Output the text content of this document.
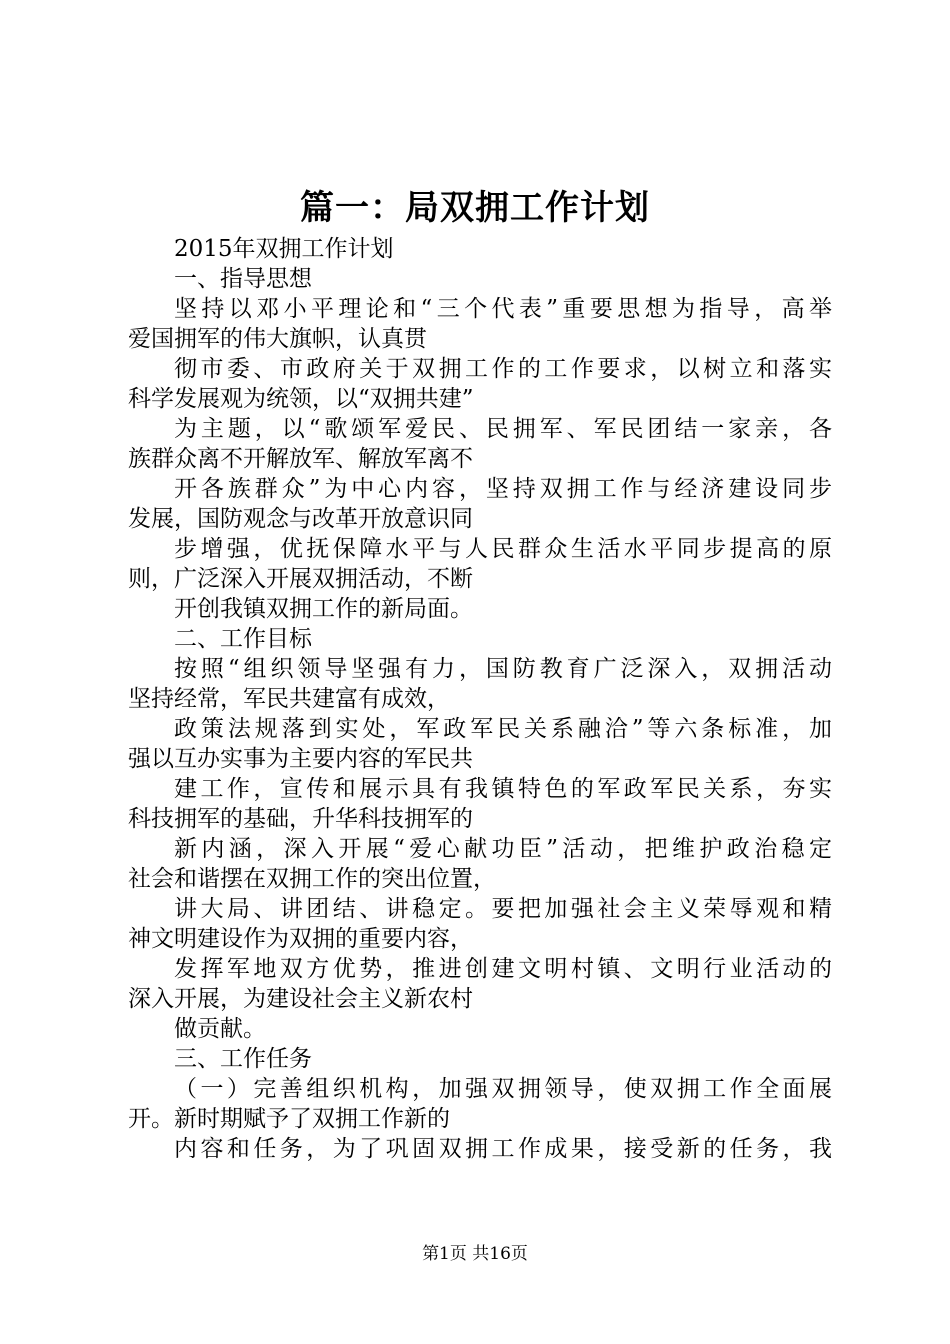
篇一：局双拥工作计划
2015年双拥工作计划
一、指导思想
坚持以邓小平理论和“三个代表”重要思想为指导，高举
爱国拥军的伟大旗帜，认真贯
彻市委、市政府关于双拥工作的工作要求，以树立和落实
科学发展观为统领，以“双拥共建”
为主题，以“歌颂军爱民、民拥军、军民团结一家亲，各
族群众离不开解放军、解放军离不
开各族群众”为中心内容，坚持双拥工作与经济建设同步
发展，国防观念与改革开放意识同
步增强，优抚保障水平与人民群众生活水平同步提高的原
则，广泛深入开展双拥活动，不断
开创我镇双拥工作的新局面。
二、工作目标
按照“组织领导坚强有力，国防教育广泛深入，双拥活动
坚持经常，军民共建富有成效，
政策法规落到实处，军政军民关系融洽”等六条标准，加
强以互办实事为主要内容的军民共
建工作，宣传和展示具有我镇特色的军政军民关系，夯实
科技拥军的基础，升华科技拥军的
新内涵，深入开展“爱心献功臣”活动，把维护政治稳定
社会和谐摆在双拥工作的突出位置，
讲大局、讲团结、讲稳定。要把加强社会主义荣辱观和精
神文明建设作为双拥的重要内容，
发挥军地双方优势，推进创建文明村镇、文明行业活动的
深入开展，为建设社会主义新农村
做贡献。
三、工作任务
（一）完善组织机构，加强双拥领导，使双拥工作全面展
开。新时期赋予了双拥工作新的
内容和任务，为了巩固双拥工作成果，接受新的任务，我
第1页 共16页
